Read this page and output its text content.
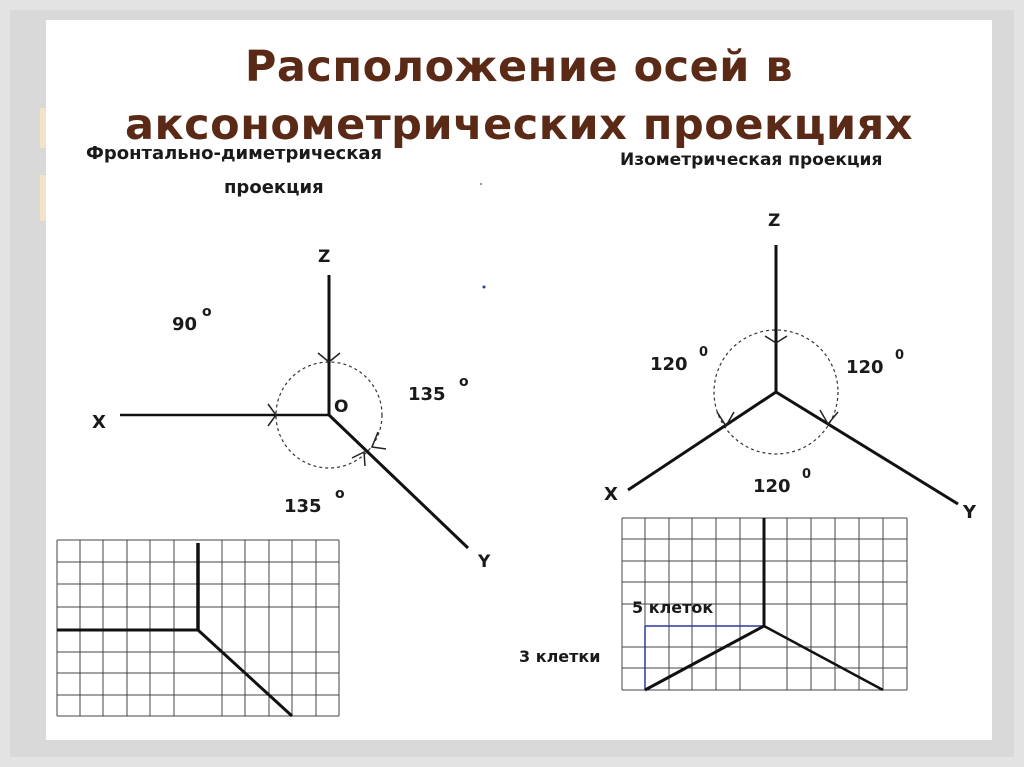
Расположение осей в
аксонометрических проекциях
Фронтально-диметрическая
проекция
Изометрическая проекция
Z
X
Y
O
90
o
135
o
135
o
Z
X
Y
120
0
120
0
120
0
5 клеток
3 клетки
